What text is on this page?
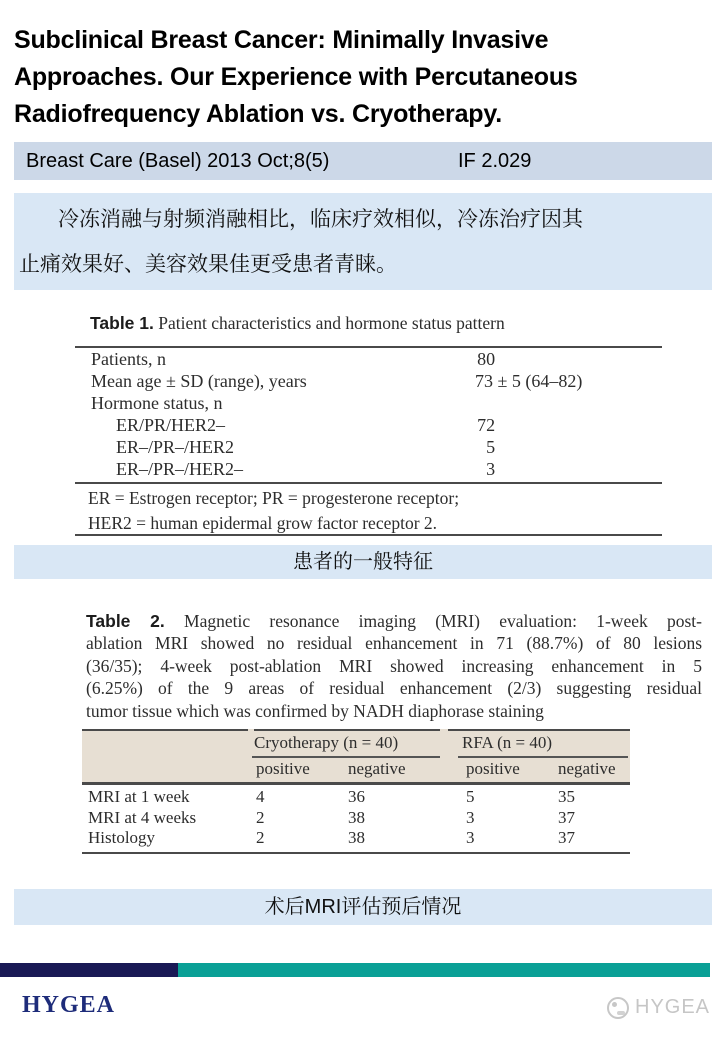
Subclinical Breast Cancer: Minimally Invasive
Approaches. Our Experience with Percutaneous
Radiofrequency Ablation vs. Cryotherapy.
Breast Care (Basel) 2013 Oct;8(5)	IF 2.029
冷冻消融与射频消融相比，临床疗效相似，冷冻治疗因其
止痛效果好、美容效果佳更受患者青睐。
Table 1. Patient characteristics and hormone status pattern
Patients, n	80
Mean age ± SD (range), years	73 ± 5 (64–82)
Hormone status, n
ER/PR/HER2–	72
ER–/PR–/HER2	5
ER–/PR–/HER2–	3
ER = Estrogen receptor; PR = progesterone receptor;
HER2 = human epidermal grow factor receptor 2.
患者的一般特征
Table 2. Magnetic resonance imaging (MRI) evaluation: 1-week post-
ablation MRI showed no residual enhancement in 71 (88.7%) of 80 lesions
(36/35); 4-week post-ablation MRI showed increasing enhancement in 5
(6.25%) of the 9 areas of residual enhancement (2/3) suggesting residual
tumor tissue which was confirmed by NADH diaphorase staining
Cryotherapy (n = 40)	RFA (n = 40)
positive negative	positive negative
MRI at 1 week	4	36	5	35
MRI at 4 weeks	2	38	3	37
Histology	2	38	3	37
术后MRI评估预后情况
HYGEA	HYGEA
